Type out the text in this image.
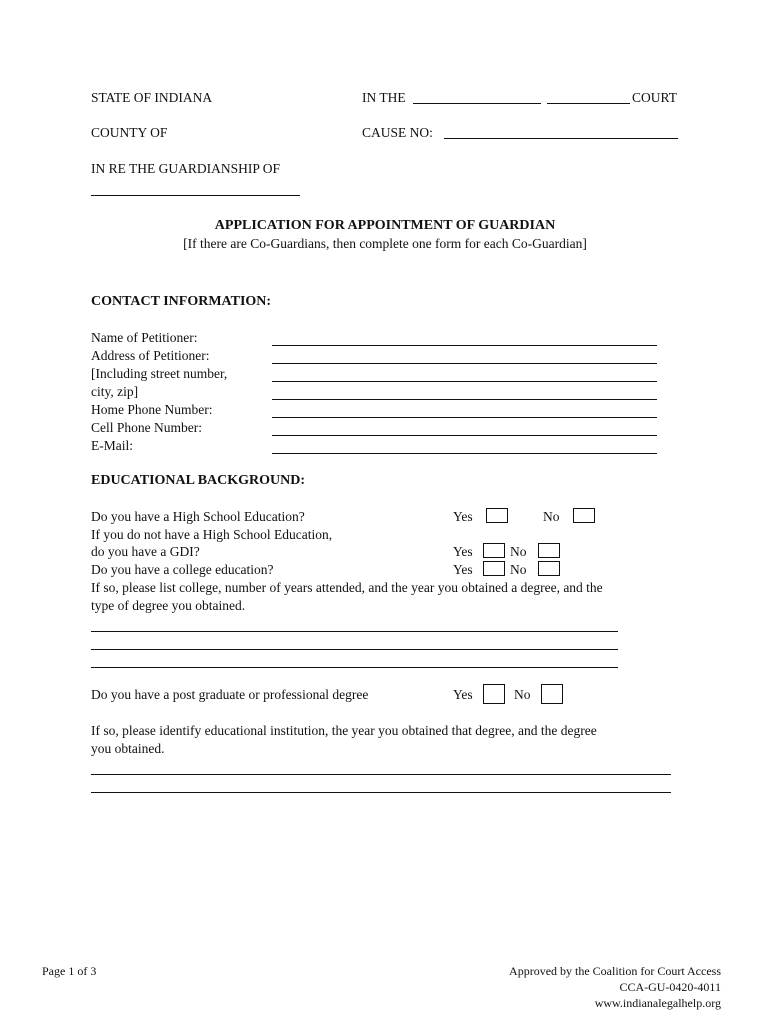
STATE OF INDIANA	IN THE	COURT
COUNTY OF	CAUSE NO:
IN RE THE GUARDIANSHIP OF
APPLICATION FOR APPOINTMENT OF GUARDIAN
[If there are Co-Guardians, then complete one form for each Co-Guardian]
CONTACT INFORMATION:
Name of Petitioner:
Address of Petitioner:
[Including street number,
city, zip]
Home Phone Number:
Cell Phone Number:
E-Mail:
EDUCATIONAL BACKGROUND:
Do you have a High School Education?	Yes	No
If you do not have a High School Education,
do you have a GDI?	Yes	No
Do you have a college education?	Yes	No
If so, please list college, number of years attended, and the year you obtained a degree, and the
type of degree you obtained.
Do you have a post graduate or professional degree	Yes	No
If so, please identify educational institution, the year you obtained that degree, and the degree
you obtained.
Page 1 of 3	Approved by the Coalition for Court Access
CCA-GU-0420-4011
www.indianalegalhelp.org
